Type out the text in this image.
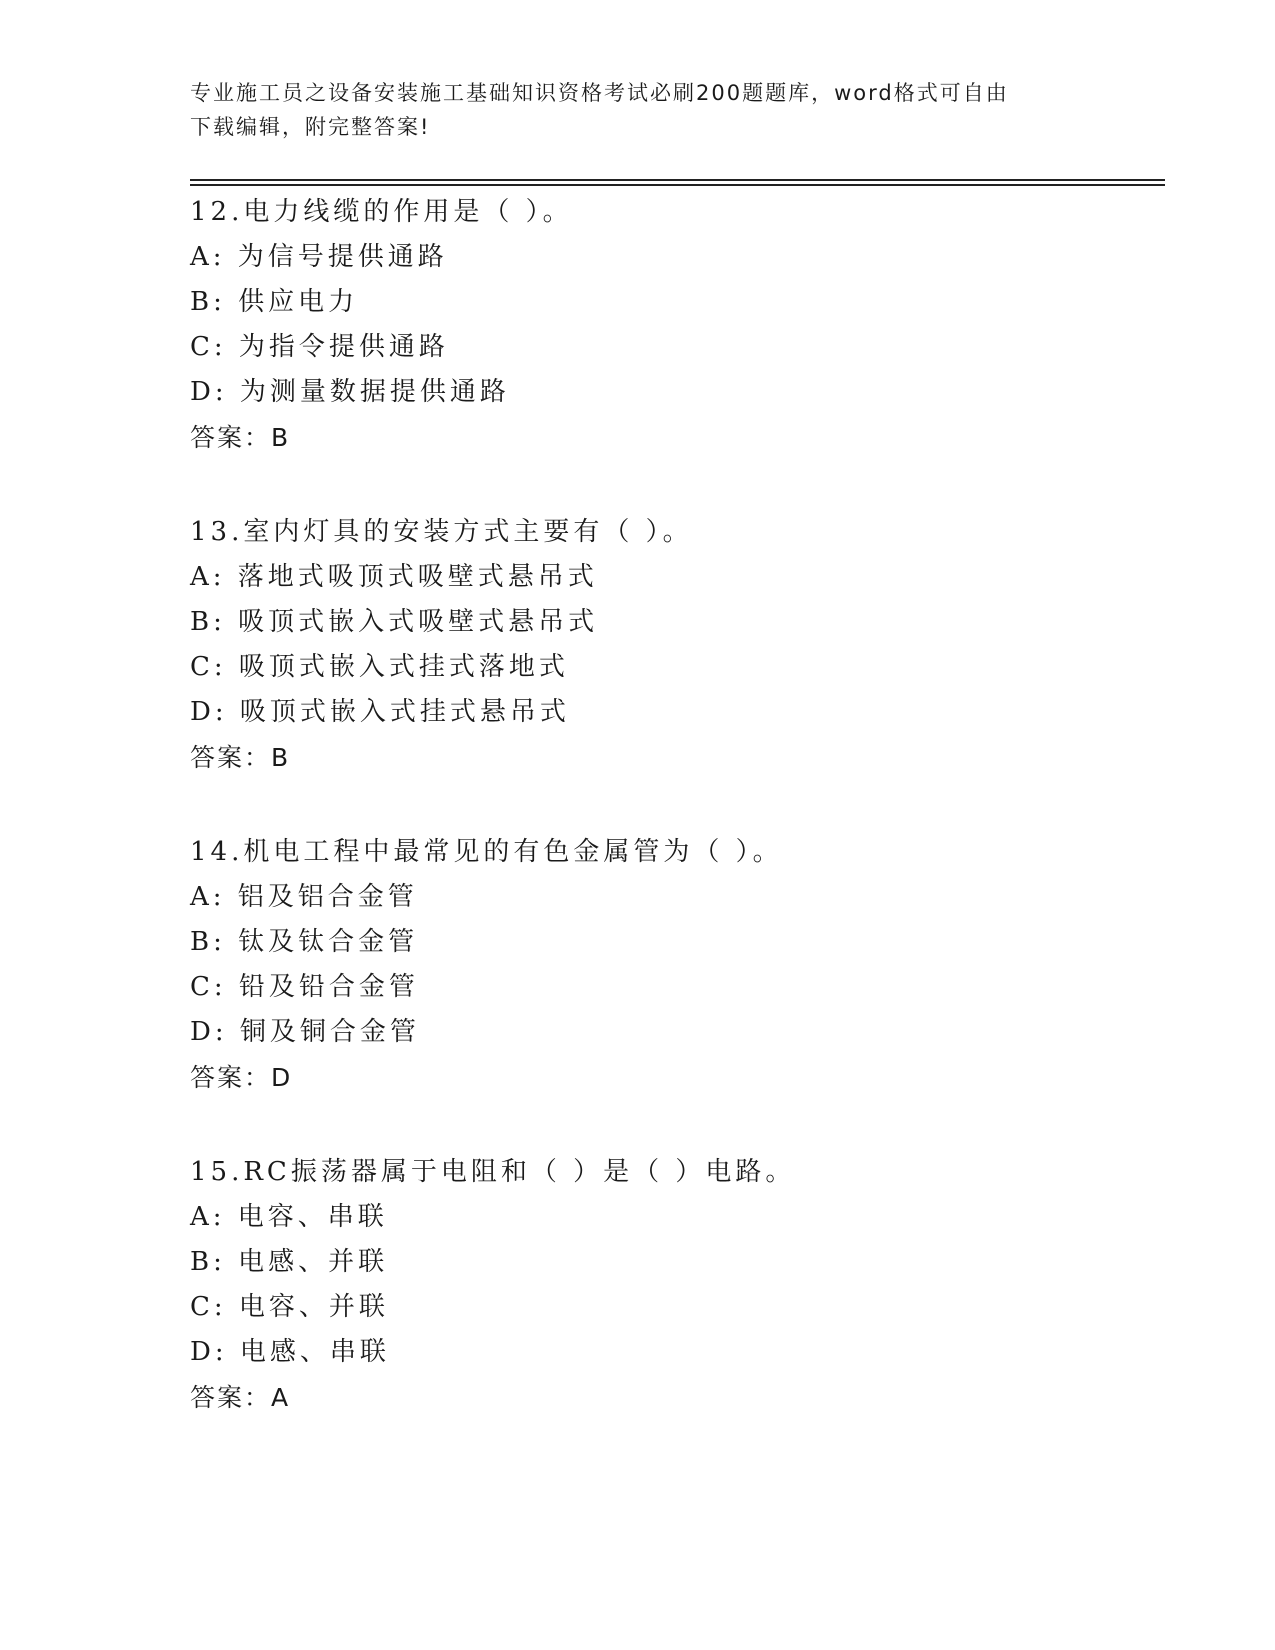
专业施工员之设备安装施工基础知识资格考试必刷200题题库，word格式可自由
下载编辑，附完整答案!
12.电力线缆的作用是（ ）。
A: 为信号提供通路
B: 供应电力
C: 为指令提供通路
D: 为测量数据提供通路
答案：B
13.室内灯具的安装方式主要有（ ）。
A: 落地式吸顶式吸壁式悬吊式
B: 吸顶式嵌入式吸壁式悬吊式
C: 吸顶式嵌入式挂式落地式
D: 吸顶式嵌入式挂式悬吊式
答案：B
14.机电工程中最常见的有色金属管为（ ）。
A: 铝及铝合金管
B: 钛及钛合金管
C: 铅及铅合金管
D: 铜及铜合金管
答案：D
15.RC振荡器属于电阻和（ ）是（ ）电路。
A: 电容、串联
B: 电感、并联
C: 电容、并联
D: 电感、串联
答案：A
